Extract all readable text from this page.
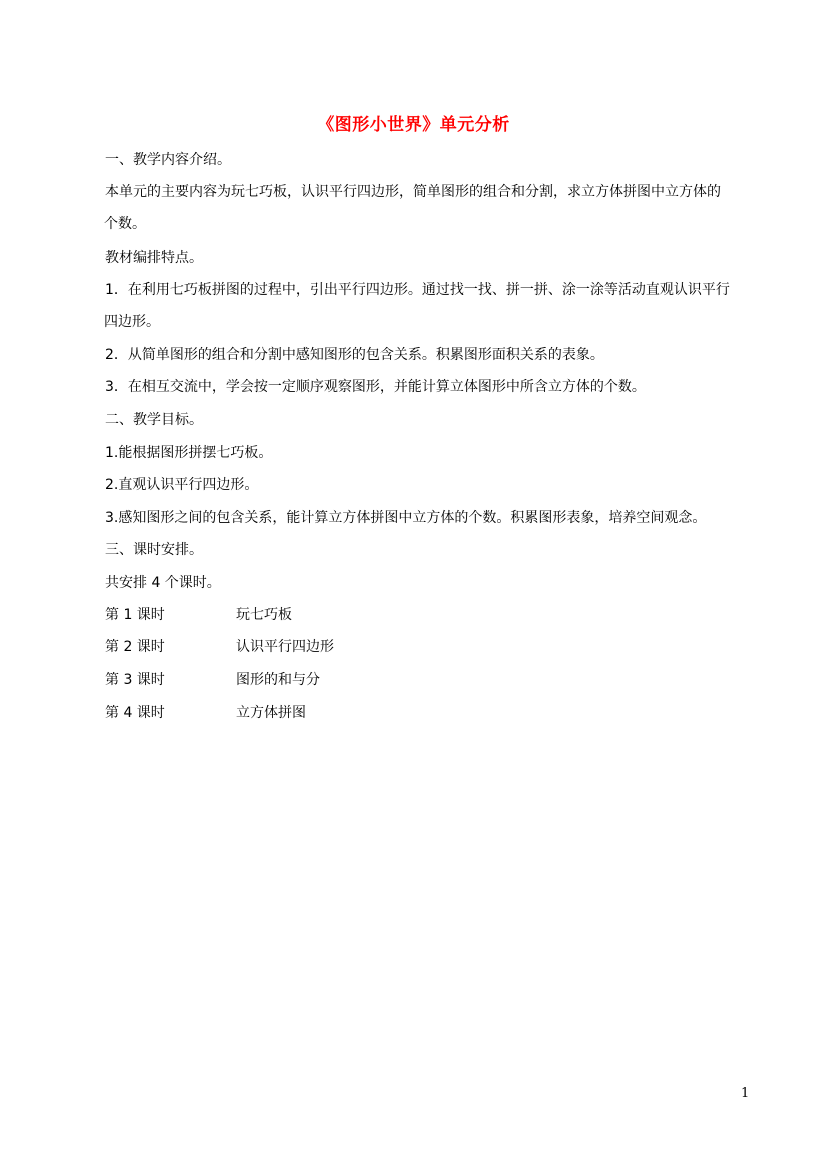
《图形小世界》单元分析
一、教学内容介绍。
本单元的主要内容为玩七巧板，认识平行四边形，简单图形的组合和分割，求立方体拼图中立方体的
个数。
教材编排特点。
1．在利用七巧板拼图的过程中，引出平行四边形。通过找一找、拼一拼、涂一涂等活动直观认识平行
四边形。
2．从简单图形的组合和分割中感知图形的包含关系。积累图形面积关系的表象。
3．在相互交流中，学会按一定顺序观察图形，并能计算立体图形中所含立方体的个数。
二、教学目标。
1.能根据图形拼摆七巧板。
2.直观认识平行四边形。
3.感知图形之间的包含关系，能计算立方体拼图中立方体的个数。积累图形表象，培养空间观念。
三、课时安排。
共安排 4 个课时。
第 1 课时	玩七巧板
第 2 课时	认识平行四边形
第 3 课时	图形的和与分
第 4 课时	立方体拼图
1
